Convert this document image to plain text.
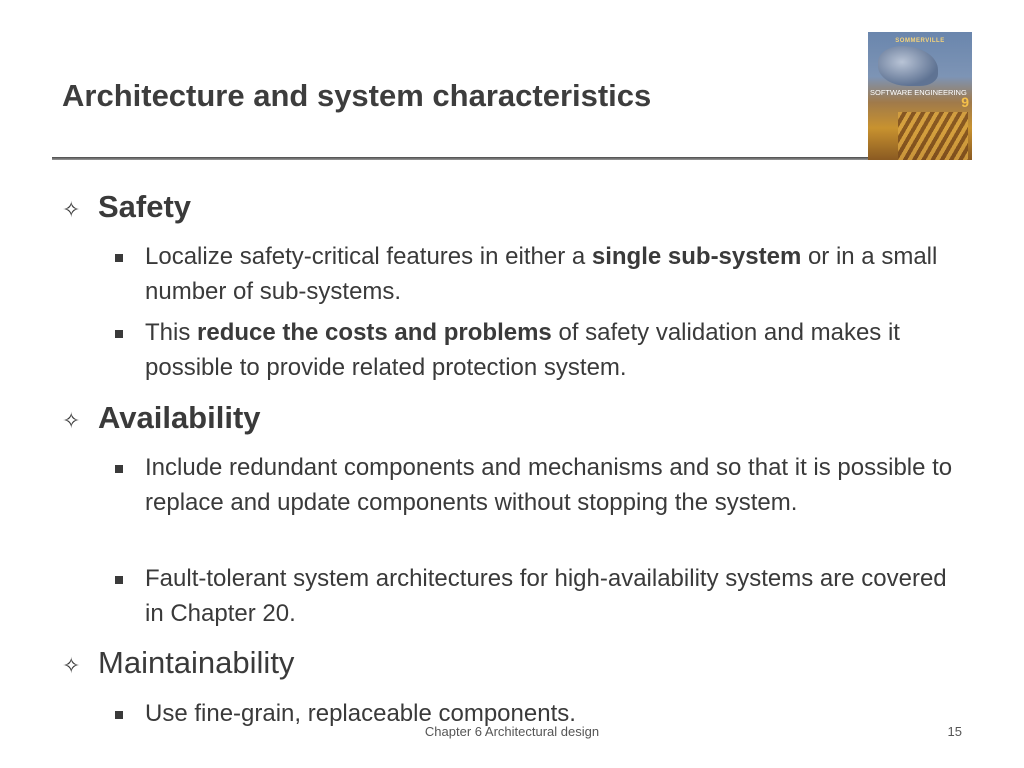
Architecture and system characteristics
SOMMERVILLE
SOFTWARE ENGINEERING
9
✧ Safety
Localize safety-critical features in either a single sub-system or in a small number of sub-systems.
This reduce the costs and problems of safety validation and makes it possible to provide related protection system.
✧ Availability
Include redundant components and mechanisms and so that it is possible to replace and update components without stopping the system.
Fault-tolerant system architectures for high-availability systems are covered in Chapter 20.
✧ Maintainability
Use fine-grain, replaceable components.
Chapter 6 Architectural design	15
